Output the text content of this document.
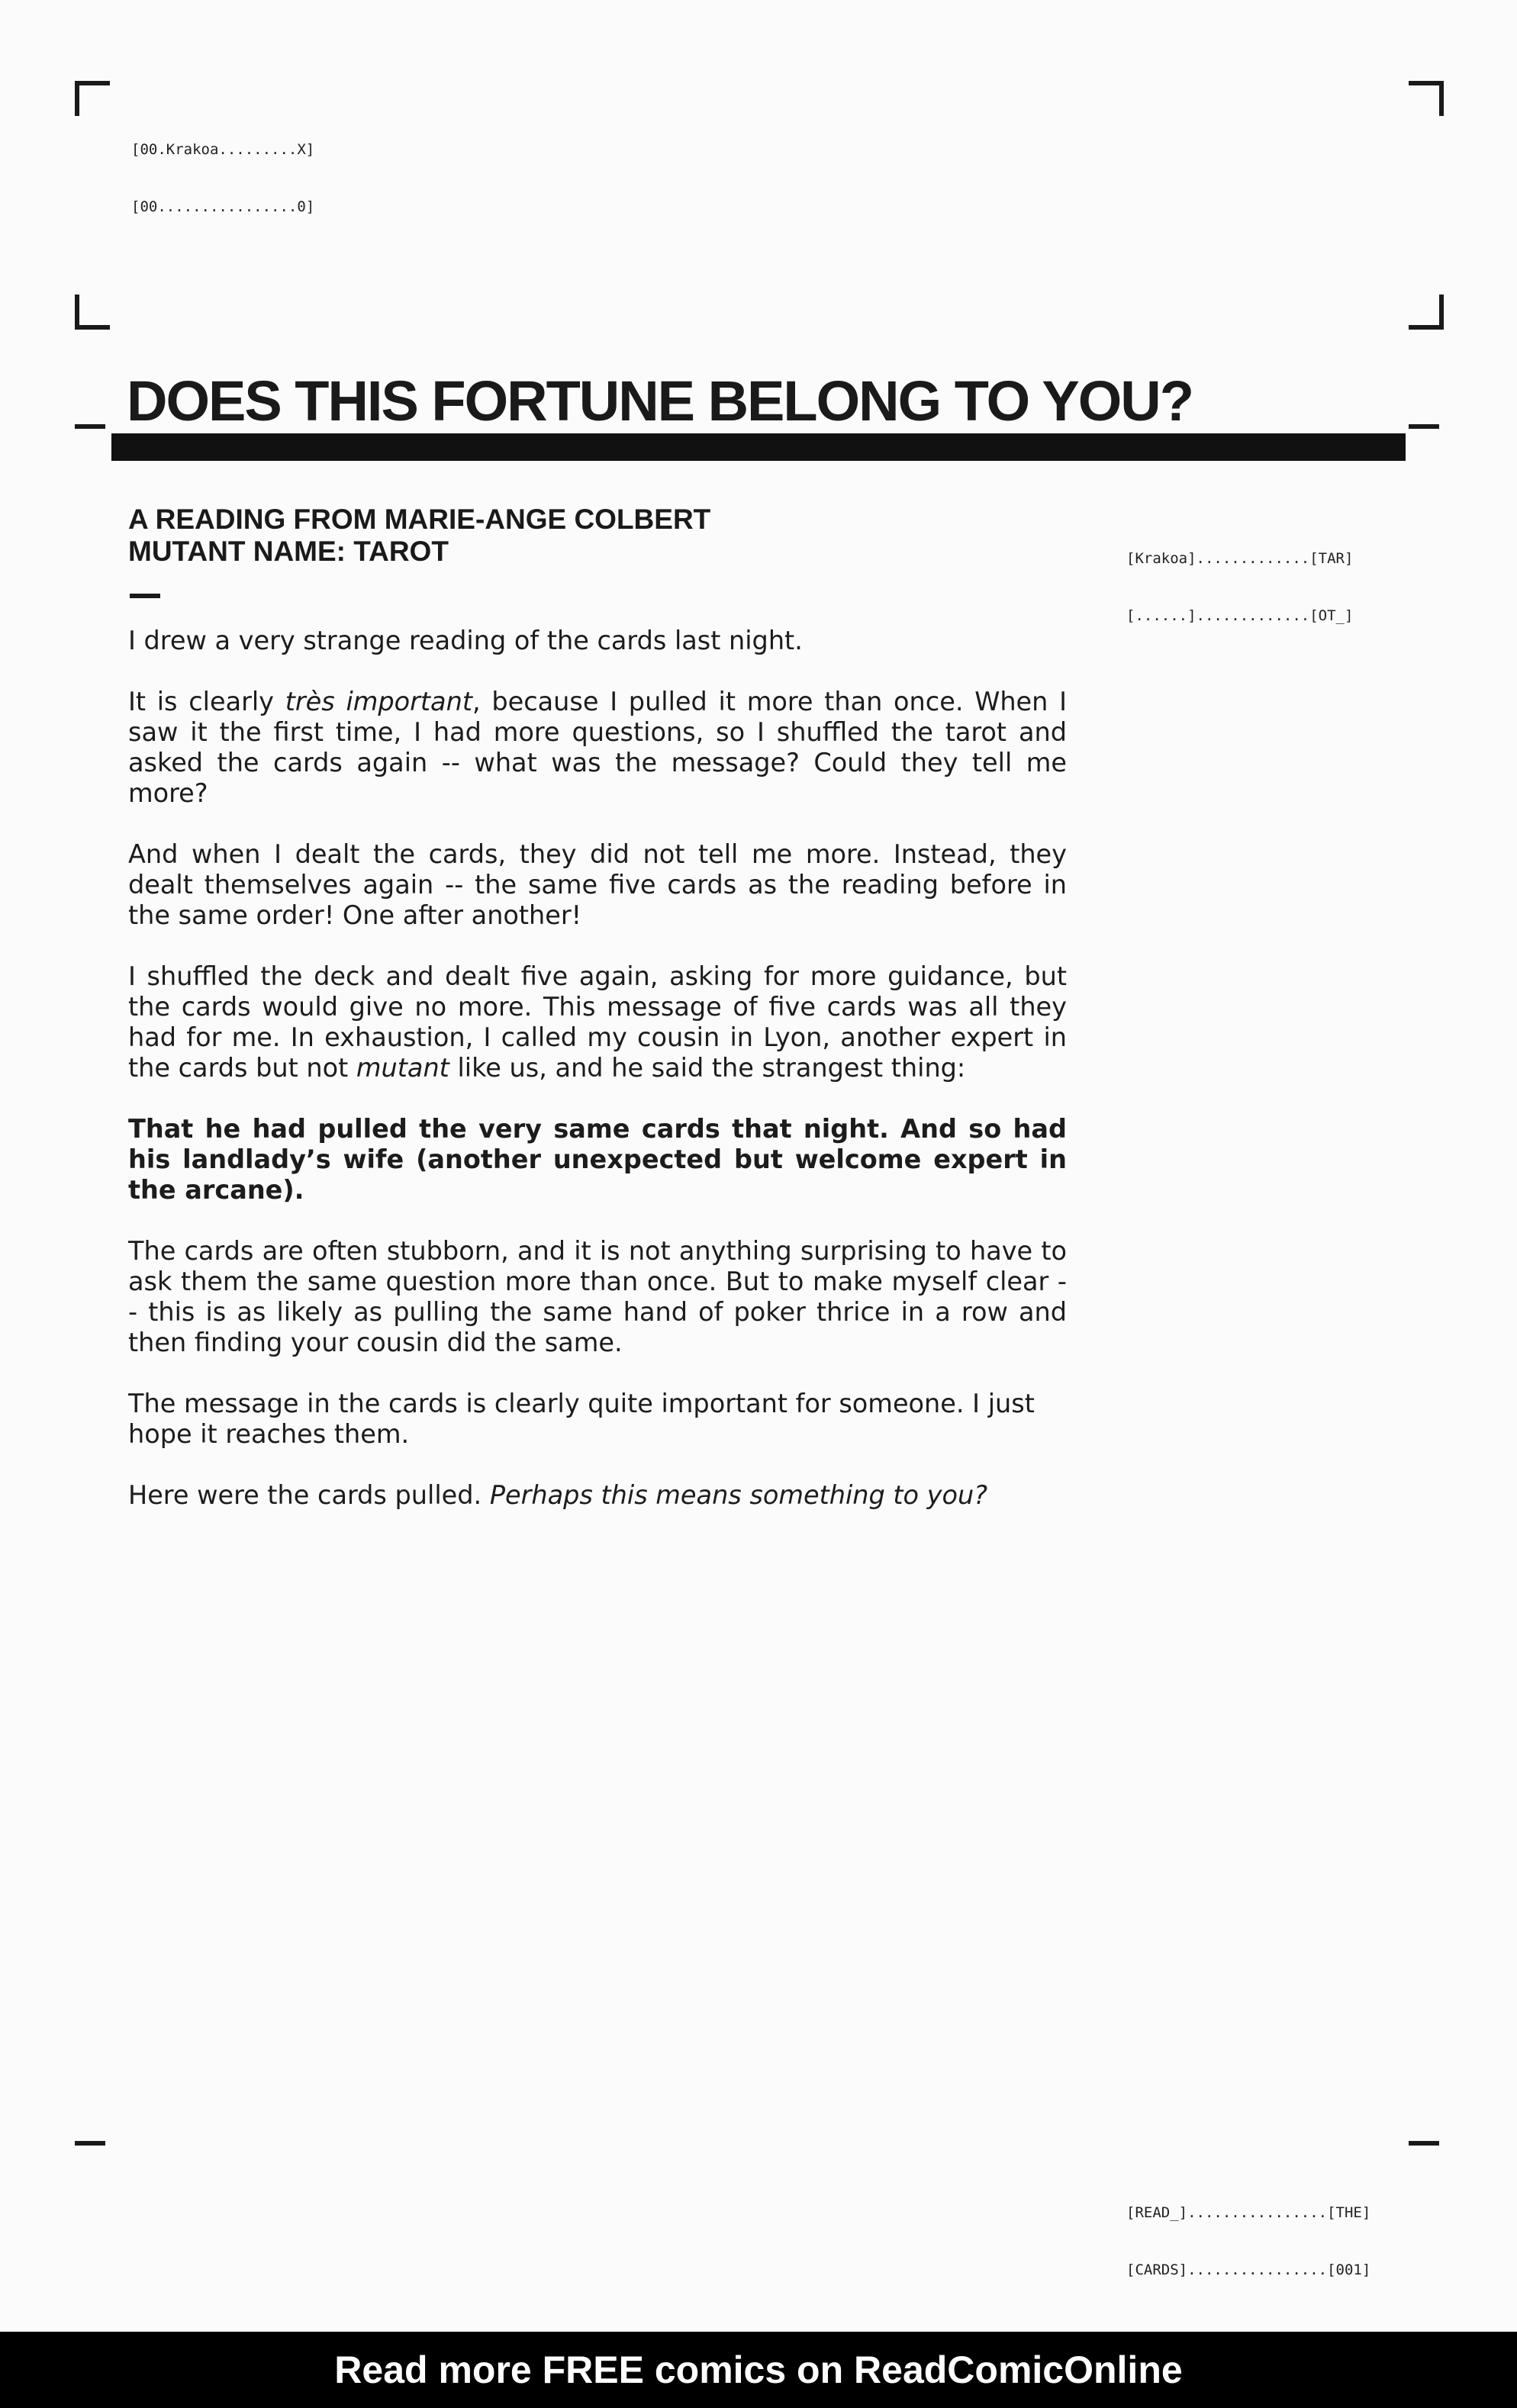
[00.Krakoa.........X]

[00................0]

DOES THIS FORTUNE BELONG TO YOU?
A READING FROM MARIE-ANGE COLBERT
MUTANT NAME: TAROT

	[Krakoa].............[TAR]

[......].............[OT_]

I drew a very strange reading of the cards last night.

It is clearly très important, because I pulled it more than once. When I saw it the first time, I had more questions, so I shuffled the tarot and asked the cards again -- what was the message? Could they tell me more?

And when I dealt the cards, they did not tell me more. Instead, they dealt themselves again -- the same five cards as the reading before in the same order! One after another!

I shuffled the deck and dealt five again, asking for more guidance, but the cards would give no more. This message of five cards was all they had for me. In exhaustion, I called my cousin in Lyon, another expert in the cards but not mutant like us, and he said the strangest thing:

That he had pulled the very same cards that night. And so had his landlady’s wife (another unexpected but welcome expert in the arcane).

The cards are often stubborn, and it is not anything surprising to have to ask them the same question more than once. But to make myself clear -- this is as likely as pulling the same hand of poker thrice in a row and then finding your cousin did the same.

The message in the cards is clearly quite important for someone. I just hope it reaches them.

Here were the cards pulled. Perhaps this means something to you?

[READ_]................[THE]

[CARDS]................[001]

Read more FREE comics on ReadComicOnline
